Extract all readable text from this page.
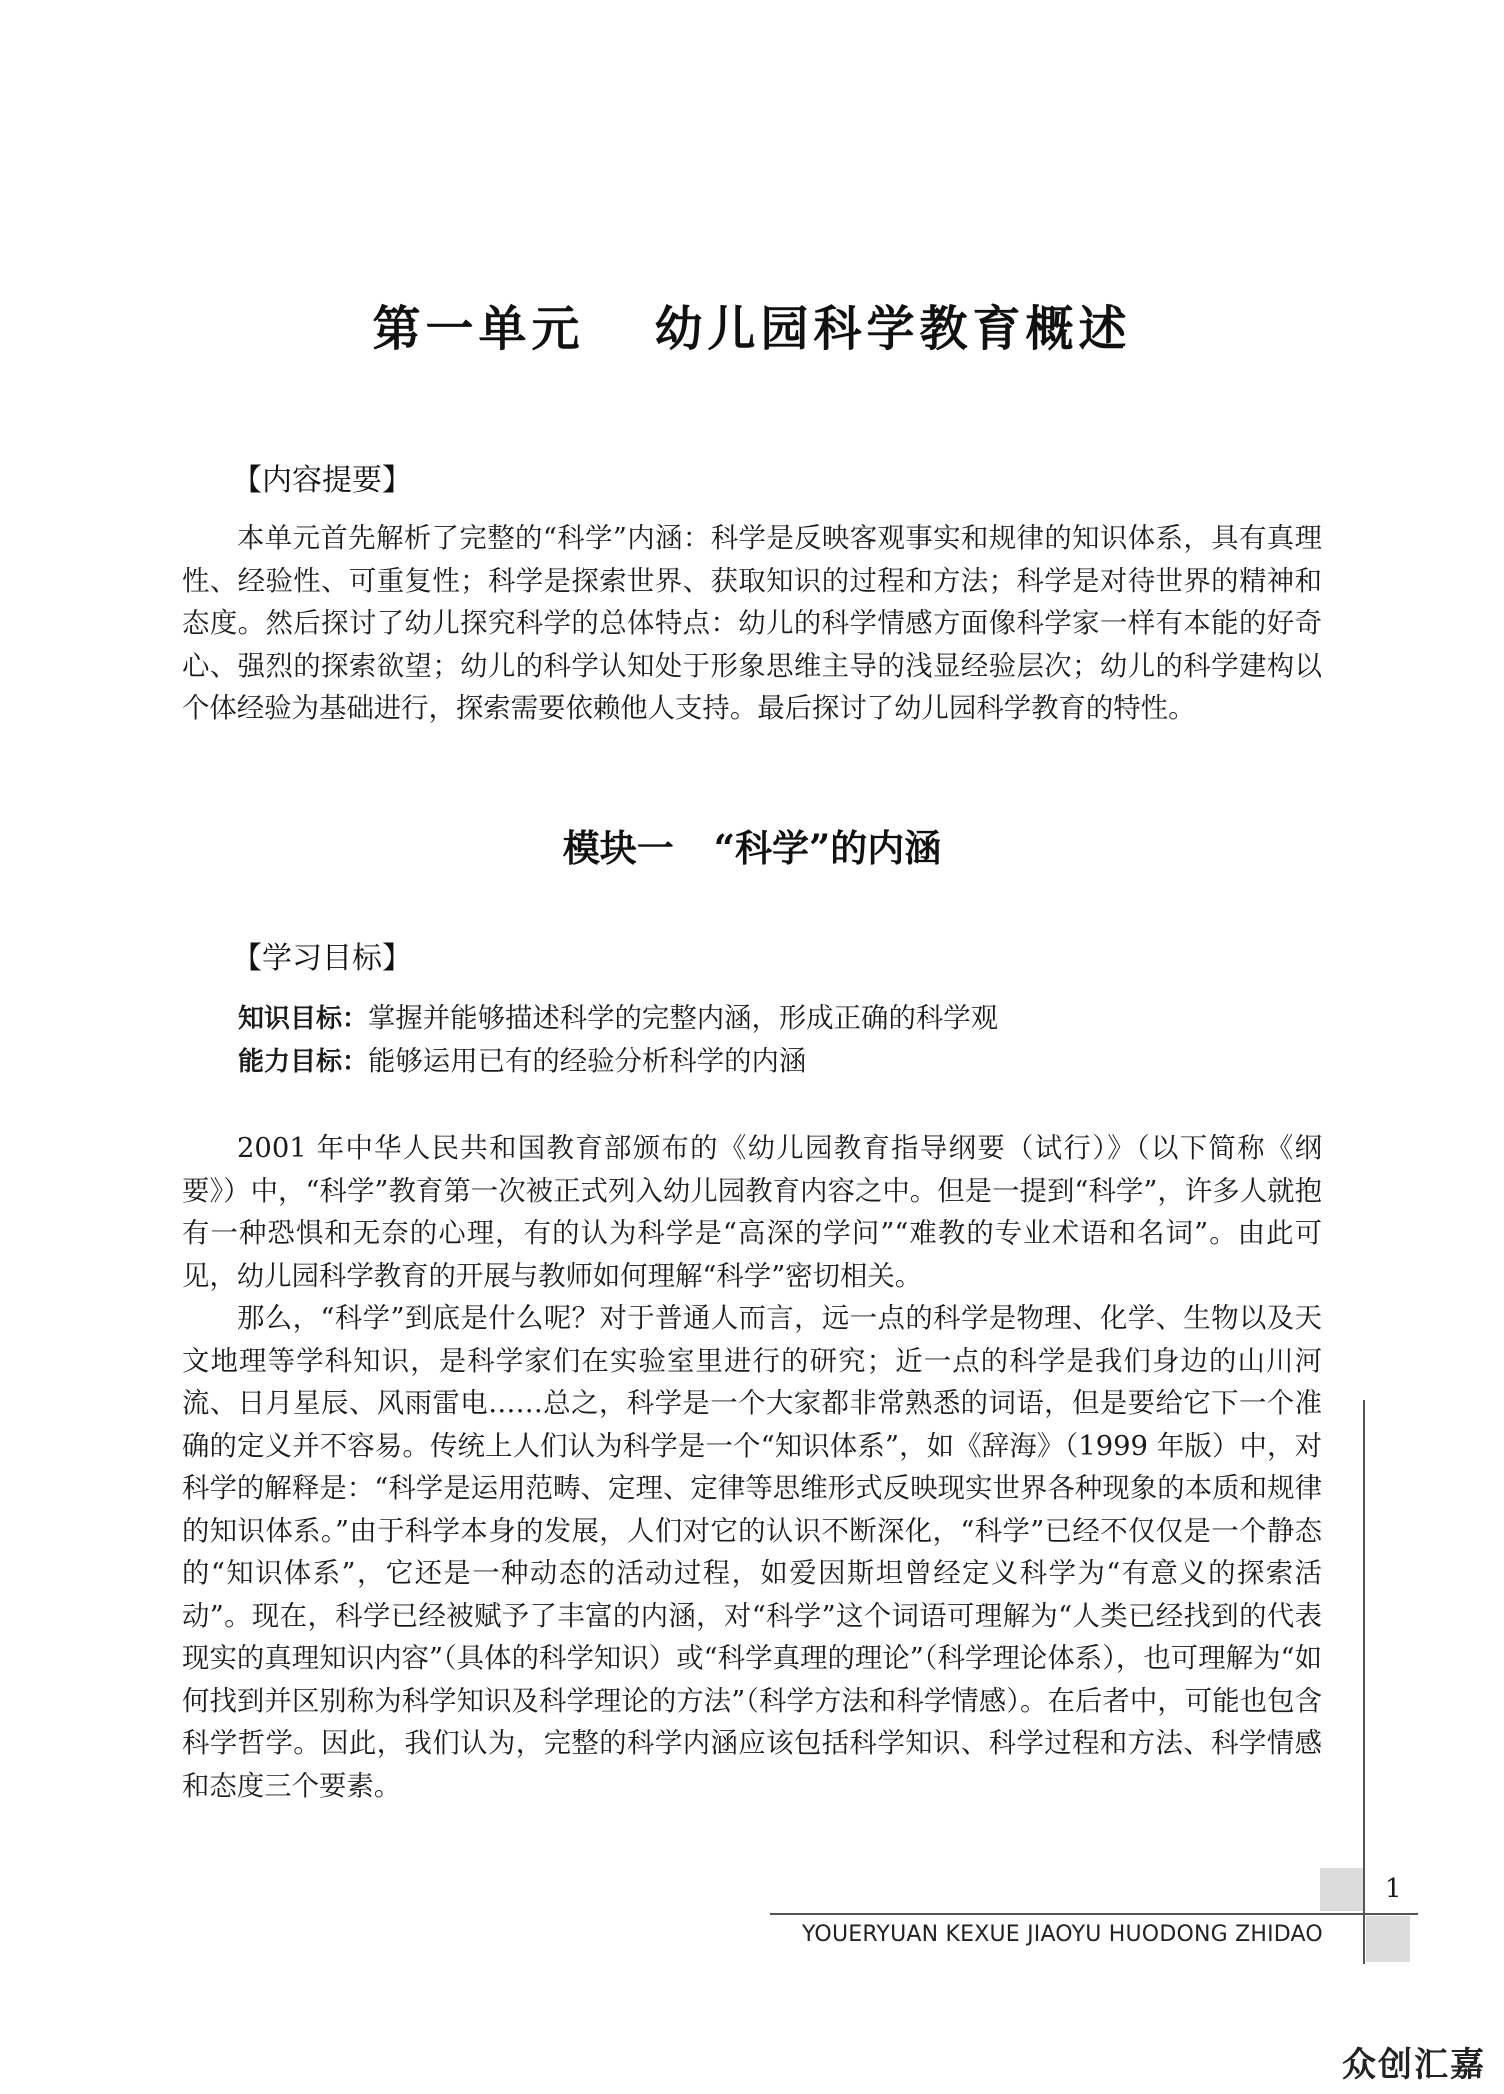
第一单元 幼儿园科学教育概述
【内容提要】

本单元首先解析了完整的“科学”内涵：科学是反映客观事实和规律的知识体系，具有真理性、经验性、可重复性；科学是探索世界、获取知识的过程和方法；科学是对待世界的精神和态度。然后探讨了幼儿探究科学的总体特点：幼儿的科学情感方面像科学家一样有本能的好奇心、强烈的探索欲望；幼儿的科学认知处于形象思维主导的浅显经验层次；幼儿的科学建构以个体经验为基础进行，探索需要依赖他人支持。最后探讨了幼儿园科学教育的特性。

模块一 “科学”的内涵
【学习目标】
知识目标：掌握并能够描述科学的完整内涵，形成正确的科学观
能力目标：能够运用已有的经验分析科学的内涵

2001 年中华人民共和国教育部颁布的《幼儿园教育指导纲要（试行）》（以下简称《纲要》）中，“科学”教育第一次被正式列入幼儿园教育内容之中。但是一提到“科学”，许多人就抱有一种恐惧和无奈的心理，有的认为科学是“高深的学问”“难教的专业术语和名词”。由此可见，幼儿园科学教育的开展与教师如何理解“科学”密切相关。

那么，“科学”到底是什么呢？对于普通人而言，远一点的科学是物理、化学、生物以及天文地理等学科知识，是科学家们在实验室里进行的研究；近一点的科学是我们身边的山川河流、日月星辰、风雨雷电……总之，科学是一个大家都非常熟悉的词语，但是要给它下一个准确的定义并不容易。传统上人们认为科学是一个“知识体系”，如《辞海》（1999 年版）中，对科学的解释是：“科学是运用范畴、定理、定律等思维形式反映现实世界各种现象的本质和规律的知识体系。”由于科学本身的发展，人们对它的认识不断深化，“科学”已经不仅仅是一个静态的“知识体系”，它还是一种动态的活动过程，如爱因斯坦曾经定义科学为“有意义的探索活动”。现在，科学已经被赋予了丰富的内涵，对“科学”这个词语可理解为“人类已经找到的代表现实的真理知识内容”（具体的科学知识）或“科学真理的理论”（科学理论体系），也可理解为“如何找到并区别称为科学知识及科学理论的方法”（科学方法和科学情感）。在后者中，可能也包含科学哲学。因此，我们认为，完整的科学内涵应该包括科学知识、科学过程和方法、科学情感和态度三个要素。

1
YOUERYUAN KEXUE JIAOYU HUODONG ZHIDAO
众创汇嘉
